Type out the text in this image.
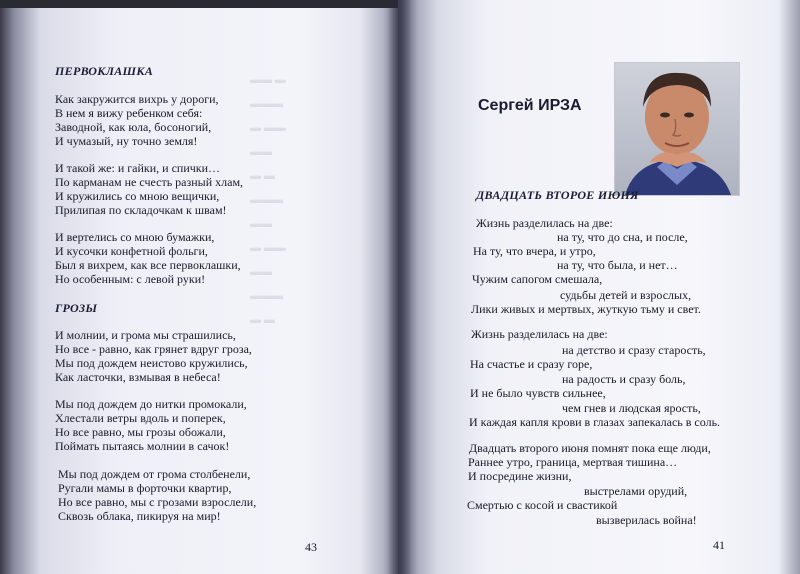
▬▬ ▬
▬▬▬
▬ ▬▬
▬▬
▬ ▬
▬▬▬
▬▬
▬ ▬▬
▬▬
▬▬▬
▬ ▬
ПЕРВОКЛАШКА
Как закружится вихрь у дороги,
В нем я вижу ребенком себя:
Заводной, как юла, босоногий,
И чумазый, ну точно земля!
И такой же: и гайки, и спички…
По карманам не счесть разный хлам,
И кружились со мною вещички,
Прилипая по складочкам к швам!
И вертелись со мною бумажки,
И кусочки конфетной фольги,
Был я вихрем, как все первоклашки,
Но особенным: с левой руки!
ГРОЗЫ
И молнии, и грома мы страшились,
Но все - равно, как грянет вдруг гроза,
Мы под дождем неистово кружились,
Как ласточки, взмывая в небеса!
Мы под дождем до нитки промокали,
Хлестали ветры вдоль и поперек,
Но все равно, мы грозы обожали,
Поймать пытаясь молнии в сачок!
Мы под дождем от грома столбенели,
Ругали мамы в форточки квартир,
Но все равно, мы с грозами взрослели,
Сквозь облака, пикируя на мир!
43
Сергей ИРЗА
ДВАДЦАТЬ ВТОРОЕ ИЮНЯ
Жизнь разделилась на две:
на ту, что до сна, и после,
На ту, что вчера, и утро,
на ту, что была, и нет…
Чужим сапогом смешала,
судьбы детей и взрослых,
Лики живых и мертвых, жуткую тьму и свет.
Жизнь разделилась на две:
на детство и сразу старость,
На счастье и сразу горе,
на радость и сразу боль,
И не было чувств сильнее,
чем гнев и людская ярость,
И каждая капля крови в глазах запекалась в соль.
Двадцать второго июня помнят пока еще люди,
Раннее утро, граница, мертвая тишина…
И посредине жизни,
выстрелами орудий,
Смертью с косой и свастикой
вызверилась война!
41
